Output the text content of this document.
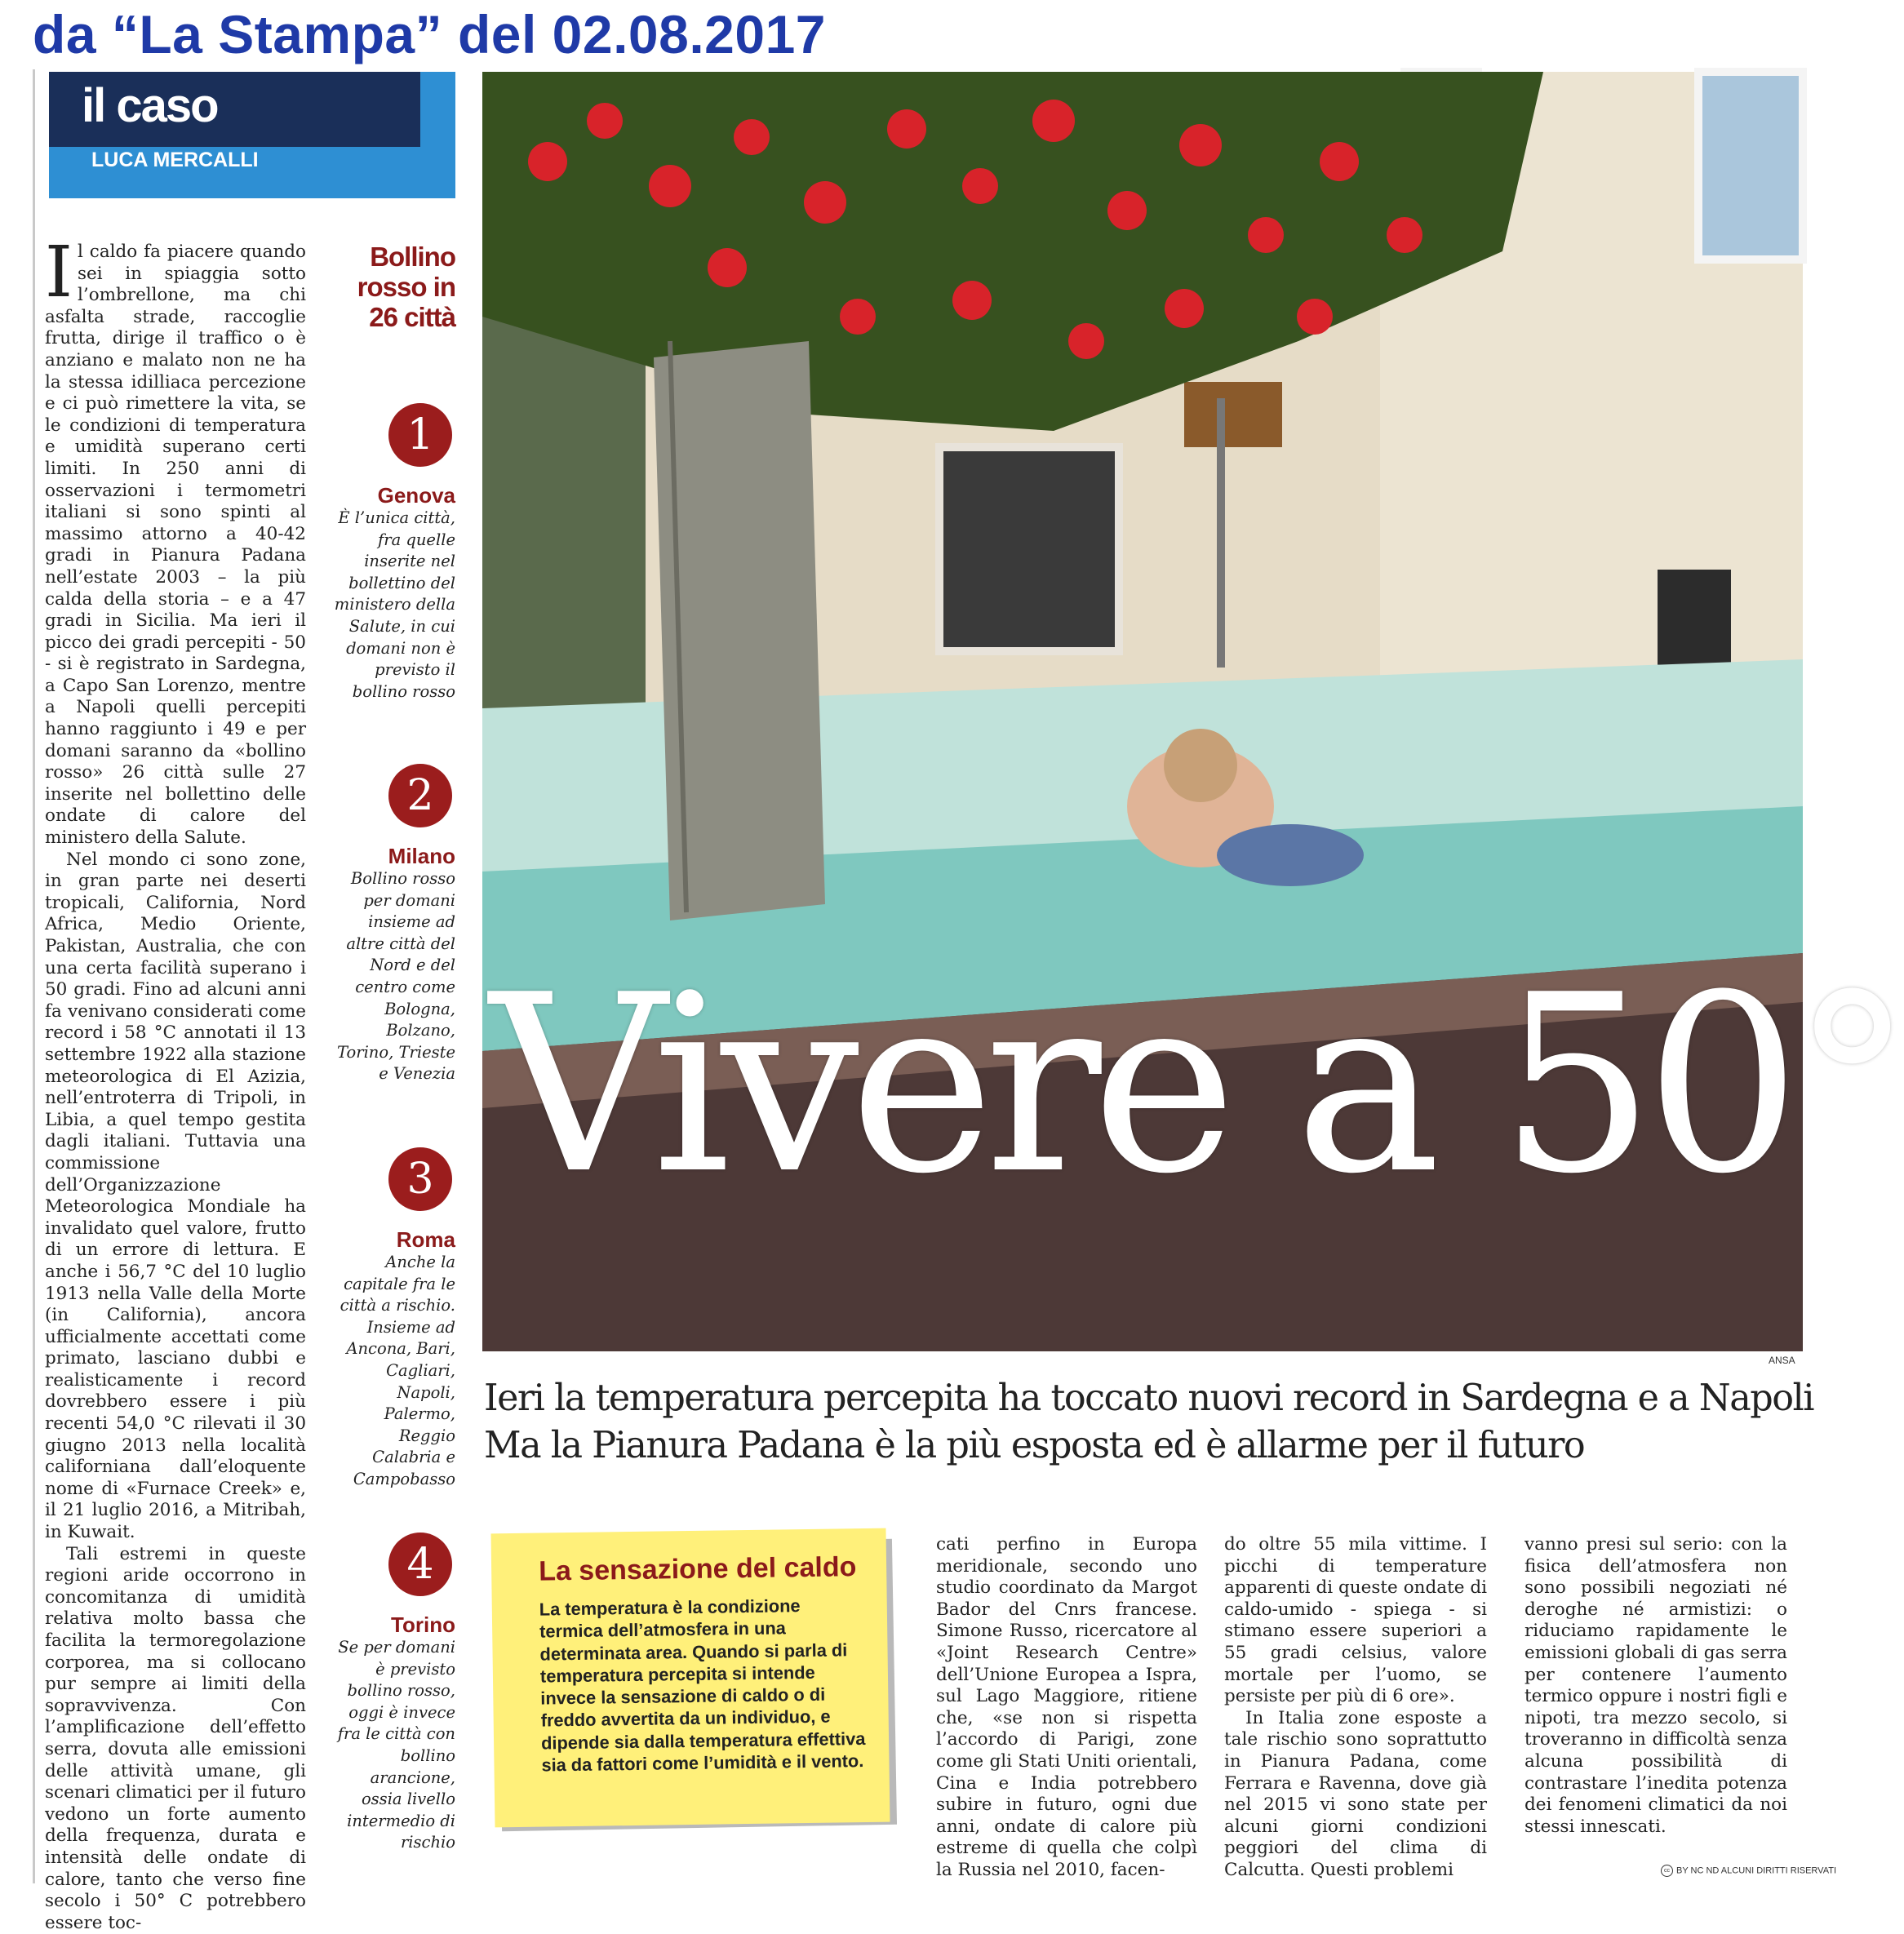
da “La Stampa” del 02.08.2017
il caso
LUCA MERCALLI

Il caldo fa piacere quando sei in spiaggia sotto l’ombrellone, ma chi asfalta strade, raccoglie frutta, dirige il traffico o è anziano e malato non ne ha la stessa idilliaca percezione e ci può rimettere la vita, se le condizioni di temperatura e umidità superano certi limiti. In 250 anni di osservazioni i termometri italiani si sono spinti al massimo attorno a 40-42 gradi in Pianura Padana nell’estate 2003 – la più calda della storia – e a 47 gradi in Sicilia. Ma ieri il picco dei gradi percepiti - 50 - si è registrato in Sardegna, a Capo San Lorenzo, mentre a Napoli quelli percepiti hanno raggiunto i 49 e per domani saranno da «bollino rosso» 26 città sulle 27 inserite nel bollettino delle ondate di calore del ministero della Salute.

Nel mondo ci sono zone, in gran parte nei deserti tropicali, California, Nord Africa, Medio Oriente, Pakistan, Australia, che con una certa facilità superano i 50 gradi. Fino ad alcuni anni fa venivano considerati come record i 58 °C annotati il 13 settembre 1922 alla stazione meteorologica di El Azizia, nell’entroterra di Tripoli, in Libia, a quel tempo gestita dagli italiani. Tuttavia una commissione dell’Organizzazione Meteorologica Mondiale ha invalidato quel valore, frutto di un errore di lettura. E anche i 56,7 °C del 10 luglio 1913 nella Valle della Morte (in California), ancora ufficialmente accettati come primato, lasciano dubbi e realisticamente i record dovrebbero essere i più recenti 54,0 °C rilevati il 30 giugno 2013 nella località californiana dall’eloquente nome di «Furnace Creek» e, il 21 luglio 2016, a Mitribah, in Kuwait.

Tali estremi in queste regioni aride occorrono in concomitanza di umidità relativa molto bassa che facilita la termoregolazione corporea, ma si collocano pur sempre ai limiti della sopravvivenza. Con l’amplificazione dell’effetto serra, dovuta alle emissioni delle attività umane, gli scenari climatici per il futuro vedono un forte aumento della frequenza, durata e intensità delle ondate di calore, tanto che verso fine secolo i 50° C potrebbero essere toc-

Bollino rosso in 26 città
1
Genova
È l’unica città, fra quelle inserite nel bollettino del ministero della Salute, in cui domani non è previsto il bollino rosso
2
Milano
Bollino rosso per domani insieme ad altre città del Nord e del centro come Bologna, Bolzano, Torino, Trieste e Venezia
3
Roma
Anche la capitale fra le città a rischio. Insieme ad Ancona, Bari, Cagliari, Napoli, Palermo, Reggio Calabria e Campobasso
4
Torino
Se per domani è previsto bollino rosso, oggi è invece fra le città con bollino arancione, ossia livello intermedio di rischio
ANSA
Vivere a 50°
Ieri la temperatura percepita ha toccato nuovi record in Sardegna e a Napoli
Ma la Pianura Padana è la più esposta ed è allarme per il futuro
La sensazione del caldo
La temperatura è la condizione termica dell’atmosfera in una determinata area. Quando si parla di temperatura percepita si intende invece la sensazione di caldo o di freddo avvertita da un individuo, e dipende sia dalla temperatura effettiva sia da fattori come l’umidità e il vento.

cati perfino in Europa meridionale, secondo uno studio coordinato da Margot Bador del Cnrs francese. Simone Russo, ricercatore al «Joint Research Centre» dell’Unione Europea a Ispra, sul Lago Maggiore, ritiene che, «se non si rispetta l’accordo di Parigi, zone come gli Stati Uniti orientali, Cina e India potrebbero subire in futuro, ogni due anni, ondate di calore più estreme di quella che colpì la Russia nel 2010, facen-

do oltre 55 mila vittime. I picchi di temperature apparenti di queste ondate di caldo-umido - spiega - si stimano essere superiori a 55 gradi celsius, valore mortale per l’uomo, se persiste per più di 6 ore».

In Italia zone esposte a tale rischio sono soprattutto in Pianura Padana, come Ferrara e Ravenna, dove già nel 2015 vi sono state per alcuni giorni condizioni peggiori del clima di Calcutta. Questi problemi

vanno presi sul serio: con la fisica dell’atmosfera non sono possibili negoziati né deroghe né armistizi: o riduciamo rapidamente le emissioni globali di gas serra per contenere l’aumento termico oppure i nostri figli e nipoti, tra mezzo secolo, si troveranno in difficoltà senza alcuna possibilità di contrastare l’inedita potenza dei fenomeni climatici da noi stessi innescati.

cc BY NC ND ALCUNI DIRITTI RISERVATI
